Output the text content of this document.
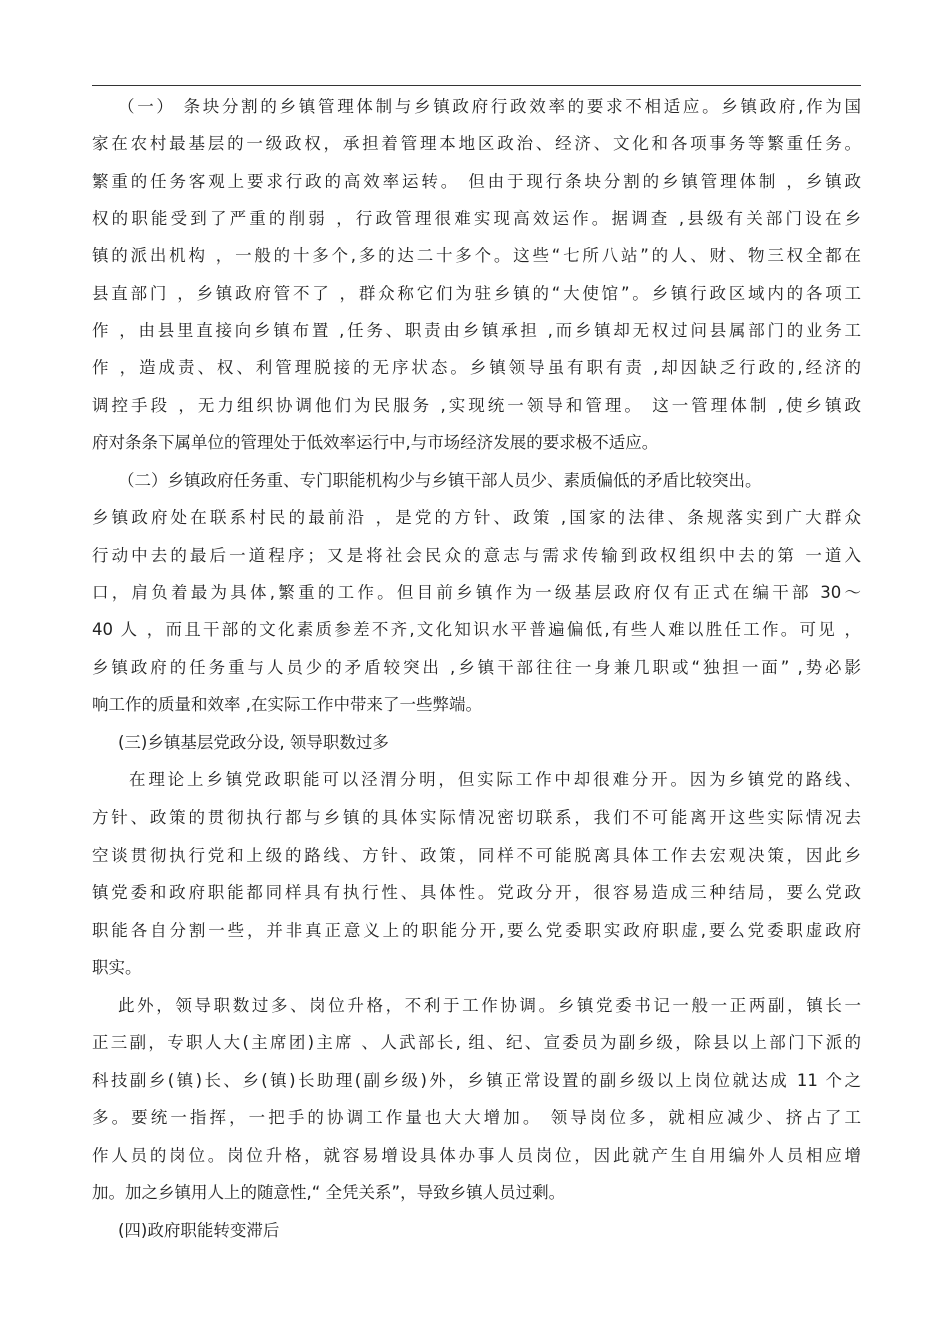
（一） 条块分割的乡镇管理体制与乡镇政府行政效率的要求不相适应。乡镇政府,作为国
家在农村最基层的一级政权，承担着管理本地区政治、经济、文化和各项事务等繁重任务。
繁重的任务客观上要求行政的高效率运转。 但由于现行条块分割的乡镇管理体制 ，乡镇政
权的职能受到了严重的削弱 ，行政管理很难实现高效运作。据调查 ,县级有关部门设在乡
镇的派出机构 ，一般的十多个,多的达二十多个。这些“七所八站”的人、财、物三权全都在
县直部门 ，乡镇政府管不了 ，群众称它们为驻乡镇的“大使馆”。乡镇行政区域内的各项工
作 ，由县里直接向乡镇布置 ,任务、职责由乡镇承担 ,而乡镇却无权过问县属部门的业务工
作 ，造成责、权、利管理脱接的无序状态。乡镇领导虽有职有责 ,却因缺乏行政的,经济的
调控手段 ，无力组织协调他们为民服务 ,实现统一领导和管理。 这一管理体制 ,使乡镇政
府对条条下属单位的管理处于低效率运行中,与市场经济发展的要求极不适应。
（二）乡镇政府任务重、专门职能机构少与乡镇干部人员少、素质偏低的矛盾比较突出。
乡镇政府处在联系村民的最前沿 ，是党的方针、政策 ,国家的法律、条规落实到广大群众
行动中去的最后一道程序；又是将社会民众的意志与需求传输到政权组织中去的第 一道入
口，肩负着最为具体,繁重的工作。但目前乡镇作为一级基层政府仅有正式在编干部 30～
40 人 ，而且干部的文化素质参差不齐,文化知识水平普遍偏低,有些人难以胜任工作。可见 ，
乡镇政府的任务重与人员少的矛盾较突出 ,乡镇干部往往一身兼几职或“独担一面” ,势必影
响工作的质量和效率 ,在实际工作中带来了一些弊端。
(三)乡镇基层党政分设, 领导职数过多
在理论上乡镇党政职能可以泾渭分明，但实际工作中却很难分开。因为乡镇党的路线、
方针、政策的贯彻执行都与乡镇的具体实际情况密切联系，我们不可能离开这些实际情况去
空谈贯彻执行党和上级的路线、方针、政策，同样不可能脱离具体工作去宏观决策，因此乡
镇党委和政府职能都同样具有执行性、具体性。党政分开，很容易造成三种结局，要么党政
职能各自分割一些，并非真正意义上的职能分开,要么党委职实政府职虚,要么党委职虚政府
职实。
此外，领导职数过多、岗位升格，不利于工作协调。乡镇党委书记一般一正两副，镇长一
正三副，专职人大(主席团)主席 、人武部长, 组、纪、宣委员为副乡级，除县以上部门下派的
科技副乡(镇)长、乡(镇)长助理(副乡级)外，乡镇正常设置的副乡级以上岗位就达成 11 个之
多。要统一指挥，一把手的协调工作量也大大增加。 领导岗位多，就相应减少、挤占了工
作人员的岗位。岗位升格，就容易增设具体办事人员岗位，因此就产生自用编外人员相应增
加。加之乡镇用人上的随意性,“ 全凭关系”，导致乡镇人员过剩。
(四)政府职能转变滞后
